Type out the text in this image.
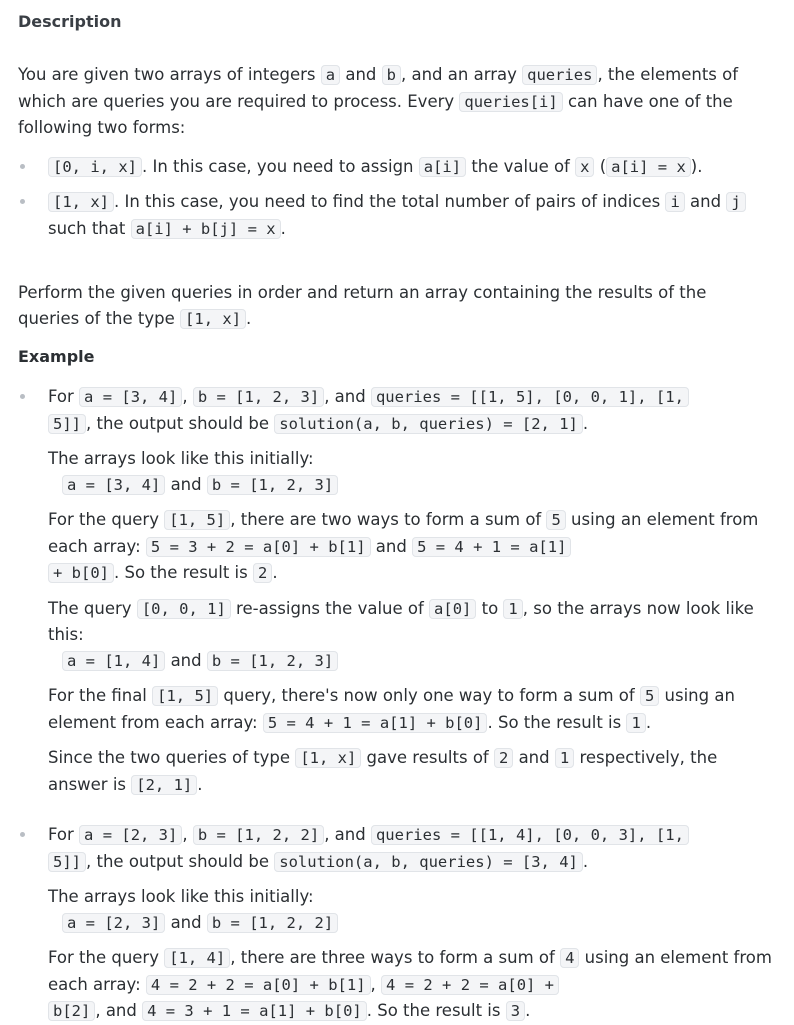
Description

You are given two arrays of integers a and b , and an array queries , the elements of which are queries you are required to process. Every queries[i] can have one of the following two forms:

[0, i, x] . In this case, you need to assign a[i] the value of x ( a[i] = x ).
[1, x] . In this case, you need to find the total number of pairs of indices i and j such that a[i] + b[j] = x .

Perform the given queries in order and return an array containing the results of the queries of the type [1, x] .

Example
For a = [3, 4] , b = [1, 2, 3] , and queries = [[1, 5], [0, 0, 1], [1,
5]] , the output should be solution(a, b, queries) = [2, 1] .
The arrays look like this initially:
a = [3, 4] and b = [1, 2, 3]
For the query [1, 5] , there are two ways to form a sum of 5 using an element from each array: 5 = 3 + 2 = a[0] + b[1] and 5 = 4 + 1 = a[1]
+ b[0] . So the result is 2 .
The query [0, 0, 1] re-assigns the value of a[0] to 1 , so the arrays now look like this:
a = [1, 4] and b = [1, 2, 3]
For the final [1, 5] query, there's now only one way to form a sum of 5 using an element from each array: 5 = 4 + 1 = a[1] + b[0] . So the result is 1 .
Since the two queries of type [1, x] gave results of 2 and 1 respectively, the answer is [2, 1] .
For a = [2, 3] , b = [1, 2, 2] , and queries = [[1, 4], [0, 0, 3], [1,
5]] , the output should be solution(a, b, queries) = [3, 4] .
The arrays look like this initially:
a = [2, 3] and b = [1, 2, 2]
For the query [1, 4] , there are three ways to form a sum of 4 using an element from each array: 4 = 2 + 2 = a[0] + b[1] , 4 = 2 + 2 = a[0] +
b[2] , and 4 = 3 + 1 = a[1] + b[0] . So the result is 3 .
